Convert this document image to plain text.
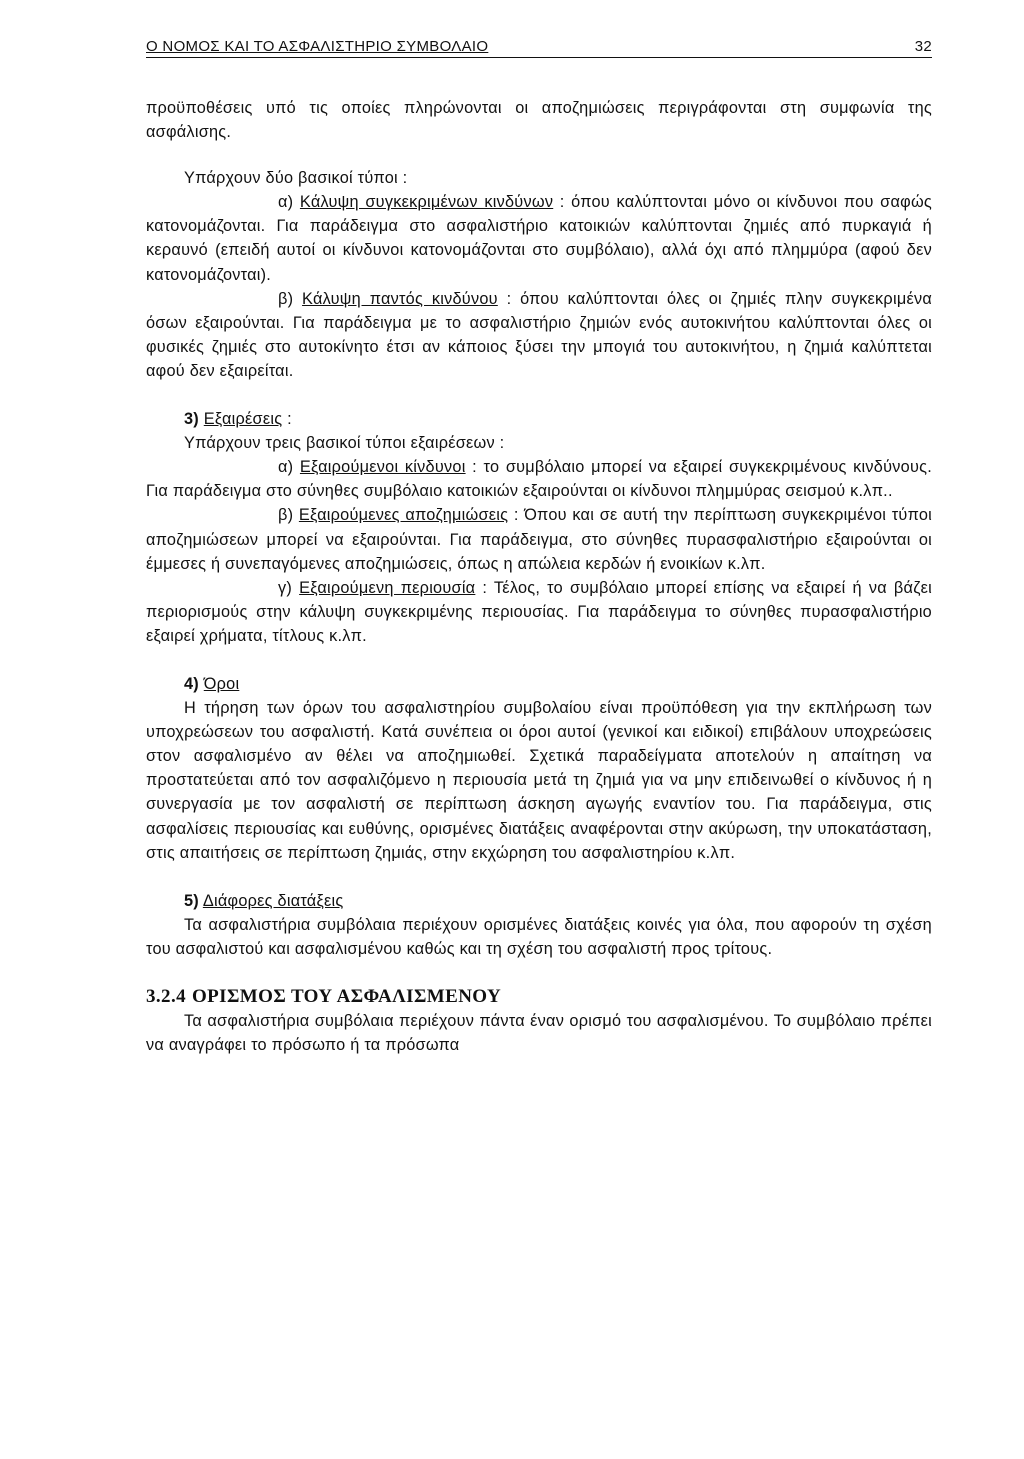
Ο ΝΟΜΟΣ ΚΑΙ ΤΟ ΑΣΦΑΛΙΣΤΗΡΙΟ ΣΥΜΒΟΛΑΙΟ	32

προϋποθέσεις υπό τις οποίες πληρώνονται οι αποζημιώσεις περιγράφονται στη συμφωνία της ασφάλισης.

Υπάρχουν δύο βασικοί τύποι :

α) Κάλυψη συγκεκριμένων κινδύνων : όπου καλύπτονται μόνο οι κίνδυνοι που σαφώς κατονομάζονται. Για παράδειγμα στο ασφαλιστήριο κατοικιών καλύπτονται ζημιές από πυρκαγιά ή κεραυνό (επειδή αυτοί οι κίνδυνοι κατονομάζονται στο συμβόλαιο), αλλά όχι από πλημμύρα (αφού δεν κατονομάζονται).

β) Κάλυψη παντός κινδύνου : όπου καλύπτονται όλες οι ζημιές πλην συγκεκριμένα όσων εξαιρούνται. Για παράδειγμα με το ασφαλιστήριο ζημιών ενός αυτοκινήτου καλύπτονται όλες οι φυσικές ζημιές στο αυτοκίνητο έτσι αν κάποιος ξύσει την μπογιά του αυτοκινήτου, η ζημιά καλύπτεται αφού δεν εξαιρείται.

3) Εξαιρέσεις :

Υπάρχουν τρεις βασικοί τύποι εξαιρέσεων :

α) Εξαιρούμενοι κίνδυνοι : το συμβόλαιο μπορεί να εξαιρεί συγκεκριμένους κινδύνους. Για παράδειγμα στο σύνηθες συμβόλαιο κατοικιών εξαιρούνται οι κίνδυνοι πλημμύρας σεισμού κ.λπ..

β) Εξαιρούμενες αποζημιώσεις : Όπου και σε αυτή την περίπτωση συγκεκριμένοι τύποι αποζημιώσεων μπορεί να εξαιρούνται. Για παράδειγμα, στο σύνηθες πυρασφαλιστήριο εξαιρούνται οι έμμεσες ή συνεπαγόμενες αποζημιώσεις, όπως η απώλεια κερδών ή ενοικίων κ.λπ.

γ) Εξαιρούμενη περιουσία : Τέλος, το συμβόλαιο μπορεί επίσης να εξαιρεί ή να βάζει περιορισμούς στην κάλυψη συγκεκριμένης περιουσίας. Για παράδειγμα το σύνηθες πυρασφαλιστήριο εξαιρεί χρήματα, τίτλους κ.λπ.

4) Όροι

Η τήρηση των όρων του ασφαλιστηρίου συμβολαίου είναι προϋπόθεση για την εκπλήρωση των υποχρεώσεων του ασφαλιστή. Κατά συνέπεια οι όροι αυτοί (γενικοί και ειδικοί) επιβάλουν υποχρεώσεις στον ασφαλισμένο αν θέλει να αποζημιωθεί. Σχετικά παραδείγματα αποτελούν η απαίτηση να προστατεύεται από τον ασφαλιζόμενο η περιουσία μετά τη ζημιά για να μην επιδεινωθεί ο κίνδυνος ή η συνεργασία με τον ασφαλιστή σε περίπτωση άσκηση αγωγής εναντίον του. Για παράδειγμα, στις ασφαλίσεις περιουσίας και ευθύνης, ορισμένες διατάξεις αναφέρονται στην ακύρωση, την υποκατάσταση, στις απαιτήσεις σε περίπτωση ζημιάς, στην εκχώρηση του ασφαλιστηρίου κ.λπ.

5) Διάφορες διατάξεις

Τα ασφαλιστήρια συμβόλαια περιέχουν ορισμένες διατάξεις κοινές για όλα, που αφορούν τη σχέση του ασφαλιστού και ασφαλισμένου καθώς και τη σχέση του ασφαλιστή προς τρίτους.

3.2.4 ΟΡΙΣΜΟΣ ΤΟΥ ΑΣΦΑΛΙΣΜΕΝΟΥ

Τα ασφαλιστήρια συμβόλαια περιέχουν πάντα έναν ορισμό του ασφαλισμένου. Το συμβόλαιο πρέπει να αναγράφει το πρόσωπο ή τα πρόσωπα
